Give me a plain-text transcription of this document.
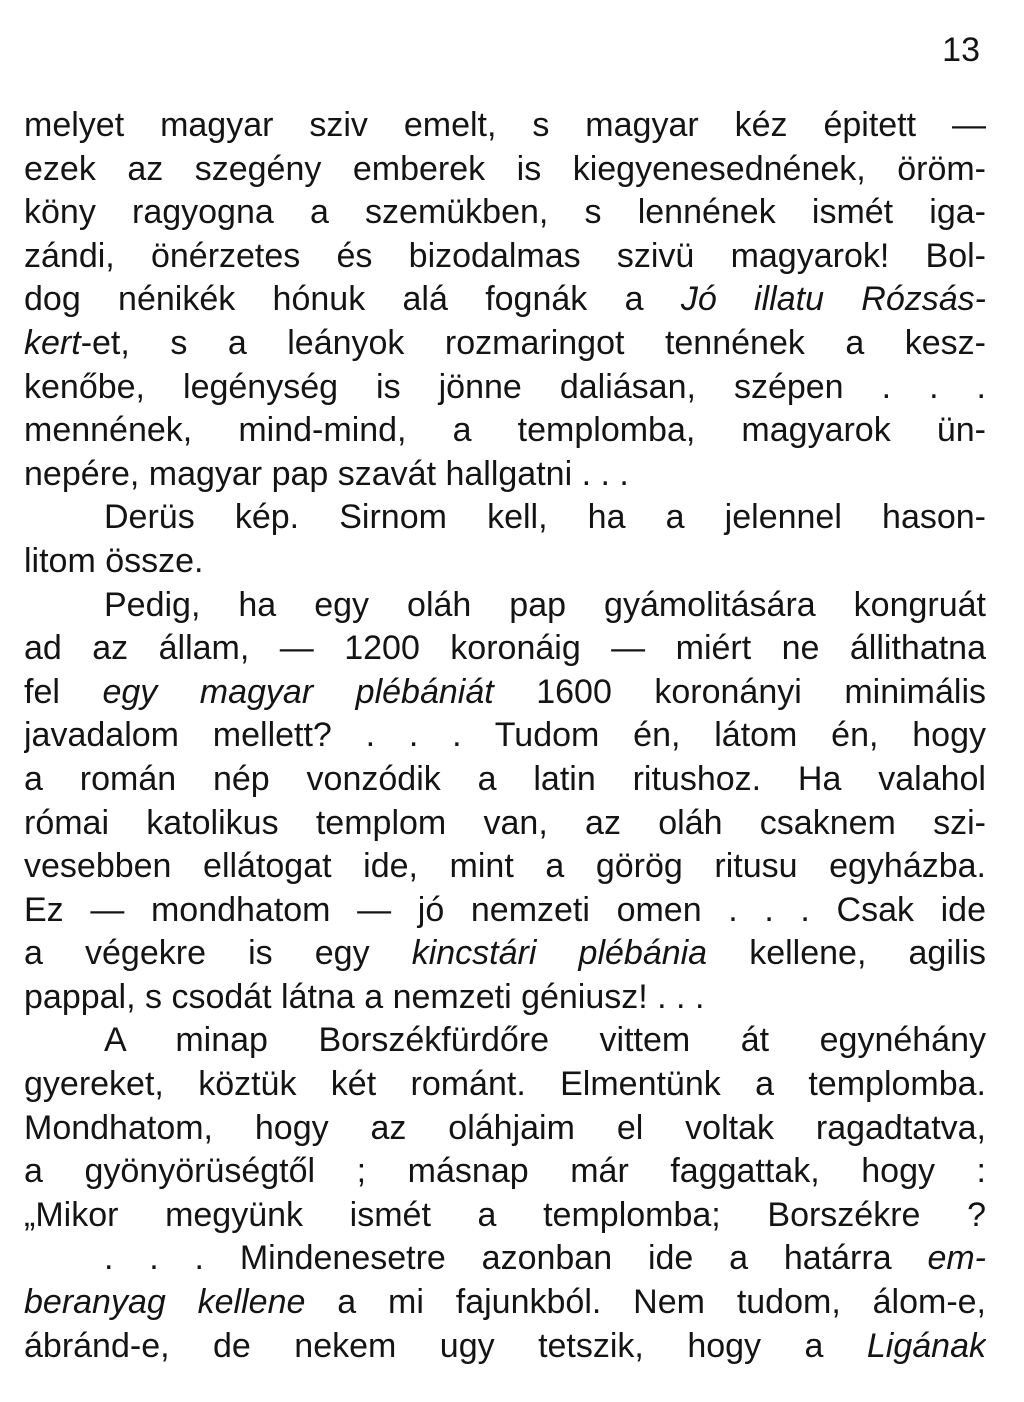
13
melyet magyar sziv emelt, s magyar kéz épitett —
ezek az szegény emberek is kiegyenesednének, öröm-
köny ragyogna a szemükben, s lennének ismét iga-
zándi, önérzetes és bizodalmas szivü magyarok! Bol-
dog nénikék hónuk alá fognák a Jó illatu Rózsás-
kert-et, s a leányok rozmaringot tennének a kesz-
kenőbe, legénység is jönne daliásan, szépen . . .
mennének, mind-mind, a templomba, magyarok ün-
nepére, magyar pap szavát hallgatni . . .
Derüs kép. Sirnom kell, ha a jelennel hason-
litom össze.
Pedig, ha egy oláh pap gyámolitására kongruát
ad az állam, — 1200 koronáig — miért ne állithatna
fel egy magyar plébániát 1600 koronányi minimális
javadalom mellett? . . . Tudom én, látom én, hogy
a román nép vonzódik a latin ritushoz. Ha valahol
római katolikus templom van, az oláh csaknem szi-
vesebben ellátogat ide, mint a görög ritusu egyházba.
Ez — mondhatom — jó nemzeti omen . . . Csak ide
a végekre is egy kincstári plébánia kellene, agilis
pappal, s csodát látna a nemzeti géniusz! . . .
A minap Borszékfürdőre vittem át egynéhány
gyereket, köztük két románt. Elmentünk a templomba.
Mondhatom, hogy az oláhjaim el voltak ragadtatva,
a gyönyörüségtől ; másnap már faggattak, hogy :
„Mikor megyünk ismét a templomba; Borszékre ?
. . . Mindenesetre azonban ide a határra em-
beranyag kellene a mi fajunkból. Nem tudom, álom-e,
ábránd-e, de nekem ugy tetszik, hogy a Ligának
